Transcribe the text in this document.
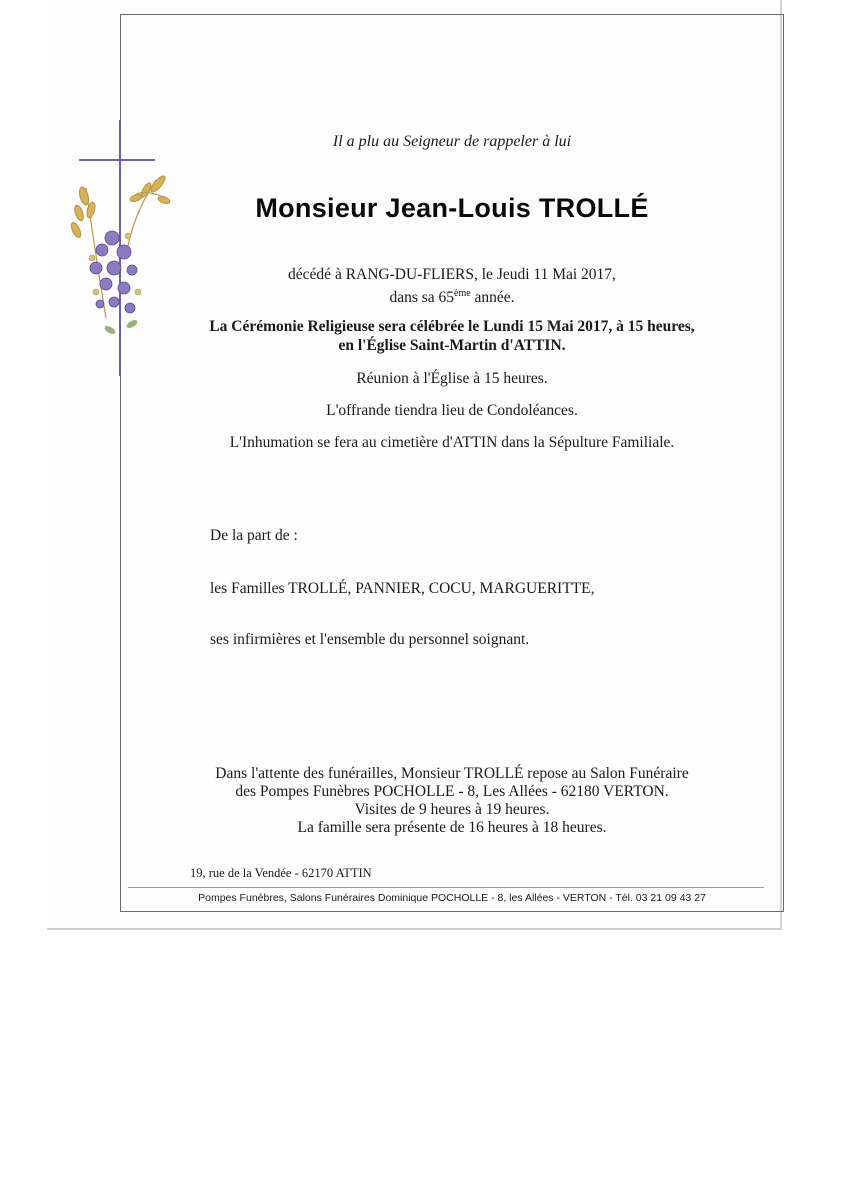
Il a plu au Seigneur de rappeler à lui

Monsieur Jean-Louis TROLLÉ

décédé à RANG-DU-FLIERS, le Jeudi 11 Mai 2017,

dans sa 65ème année.

La Cérémonie Religieuse sera célébrée le Lundi 15 Mai 2017, à 15 heures,

en l'Église Saint-Martin d'ATTIN.

Réunion à l'Église à 15 heures.

L'offrande tiendra lieu de Condoléances.

L'Inhumation se fera au cimetière d'ATTIN dans la Sépulture Familiale.

De la part de :

les Familles TROLLÉ, PANNIER, COCU, MARGUERITTE,

ses infirmières et l'ensemble du personnel soignant.

Dans l'attente des funérailles, Monsieur TROLLÉ repose au Salon Funéraire

des Pompes Funèbres POCHOLLE - 8, Les Allées - 62180 VERTON.

Visites de 9 heures à 19 heures.

La famille sera présente de 16 heures à 18 heures.

19, rue de la Vendée - 62170 ATTIN

Pompes Funèbres, Salons Funéraires Dominique POCHOLLE - 8, les Allées - VERTON - Tél. 03 21 09 43 27
